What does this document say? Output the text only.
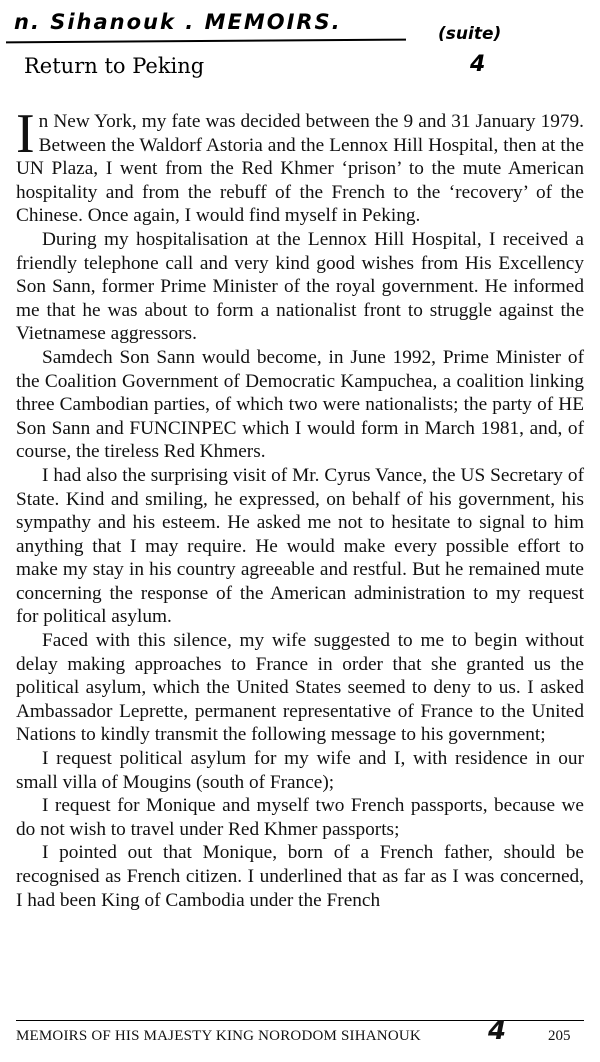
n. Sihanouk . MEMOIRS.	(suite)
Return to Peking	4

In New York, my fate was decided between the 9 and 31 January 1979. Between the Waldorf Astoria and the Lennox Hill Hospital, then at the UN Plaza, I went from the Red Khmer ‘prison’ to the mute American hospitality and from the rebuff of the French to the ‘recovery’ of the Chinese. Once again, I would find myself in Peking.

During my hospitalisation at the Lennox Hill Hospital, I received a friendly telephone call and very kind good wishes from His Excellency Son Sann, former Prime Minister of the royal government. He informed me that he was about to form a nationalist front to struggle against the Vietnamese aggressors.

Samdech Son Sann would become, in June 1992, Prime Minister of the Coalition Government of Democratic Kampuchea, a coalition linking three Cambodian parties, of which two were nationalists; the party of HE Son Sann and FUNCINPEC which I would form in March 1981, and, of course, the tireless Red Khmers.

I had also the surprising visit of Mr. Cyrus Vance, the US Secretary of State. Kind and smiling, he expressed, on behalf of his government, his sympathy and his esteem. He asked me not to hesitate to signal to him anything that I may require. He would make every possible effort to make my stay in his country agreeable and restful. But he remained mute concerning the response of the American administration to my request for political asylum.

Faced with this silence, my wife suggested to me to begin without delay making approaches to France in order that she granted us the political asylum, which the United States seemed to deny to us. I asked Ambassador Leprette, permanent representative of France to the United Nations to kindly transmit the following message to his government;

I request political asylum for my wife and I, with residence in our small villa of Mougins (south of France);

I request for Monique and myself two French passports, because we do not wish to travel under Red Khmer passports;

I pointed out that Monique, born of a French father, should be recognised as French citizen. I underlined that as far as I was concerned, I had been King of Cambodia under the French

MEMOIRS OF HIS MAJESTY KING NORODOM SIHANOUK	4	205
